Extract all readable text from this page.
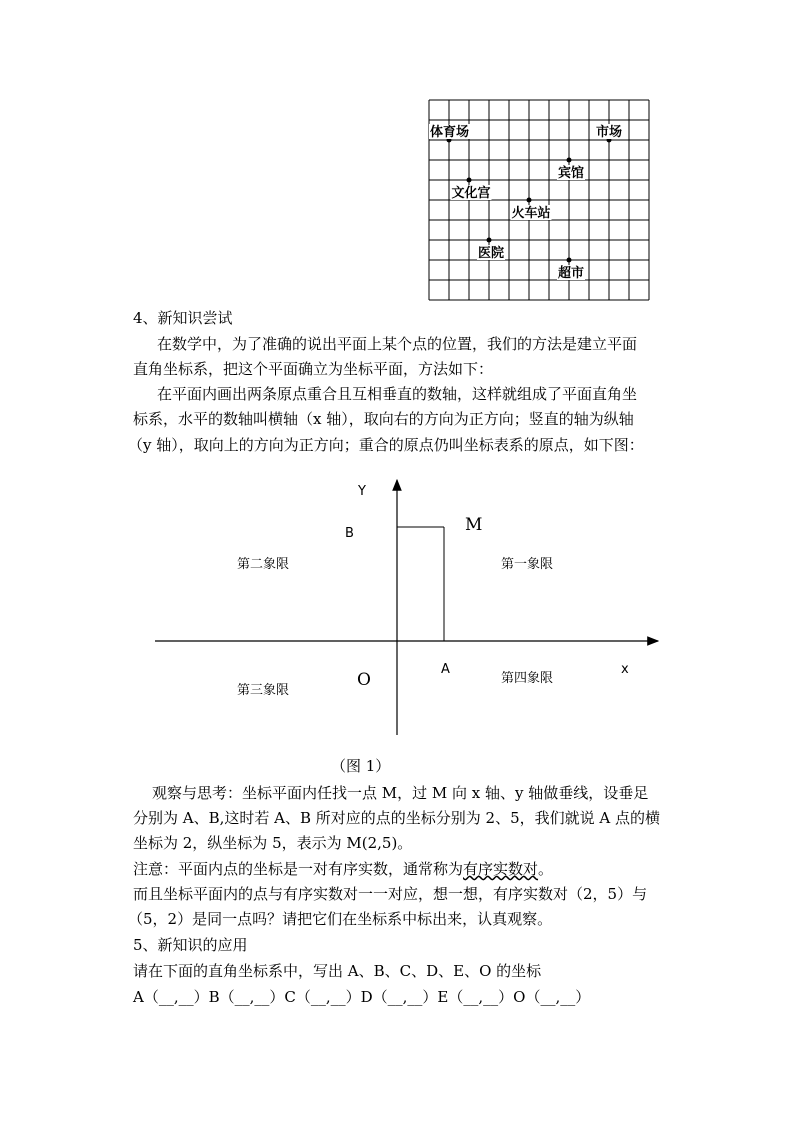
体育场	市场
宾馆
文化宫
火车站
医院
超市
4、新知识尝试
在数学中，为了准确的说出平面上某个点的位置，我们的方法是建立平面
直角坐标系，把这个平面确立为坐标平面，方法如下：
在平面内画出两条原点重合且互相垂直的数轴，这样就组成了平面直角坐
标系，水平的数轴叫横轴（x 轴），取向右的方向为正方向；竖直的轴为纵轴
（y 轴），取向上的方向为正方向；重合的原点仍叫坐标表系的原点，如下图：
Y
x
B	M
A
O
第二象限	第一象限
第三象限
第四象限
（图 1）
观察与思考：坐标平面内任找一点 M，过 M 向 x 轴、y 轴做垂线，设垂足
分别为 A、B,这时若 A、B 所对应的点的坐标分别为 2、5，我们就说 A 点的横
坐标为 2，纵坐标为 5，表示为 M(2,5)。
注意：平面内点的坐标是一对有序实数，通常称为有序实数对。
而且坐标平面内的点与有序实数对一一对应，想一想，有序实数对（2，5）与
（5，2）是同一点吗？请把它们在坐标系中标出来，认真观察。
5、新知识的应用
请在下面的直角坐标系中，写出 A、B、C、D、E、O 的坐标
A（__,__）B（__,__）C（__,__）D（__,__）E（__,__）O（__,__）
